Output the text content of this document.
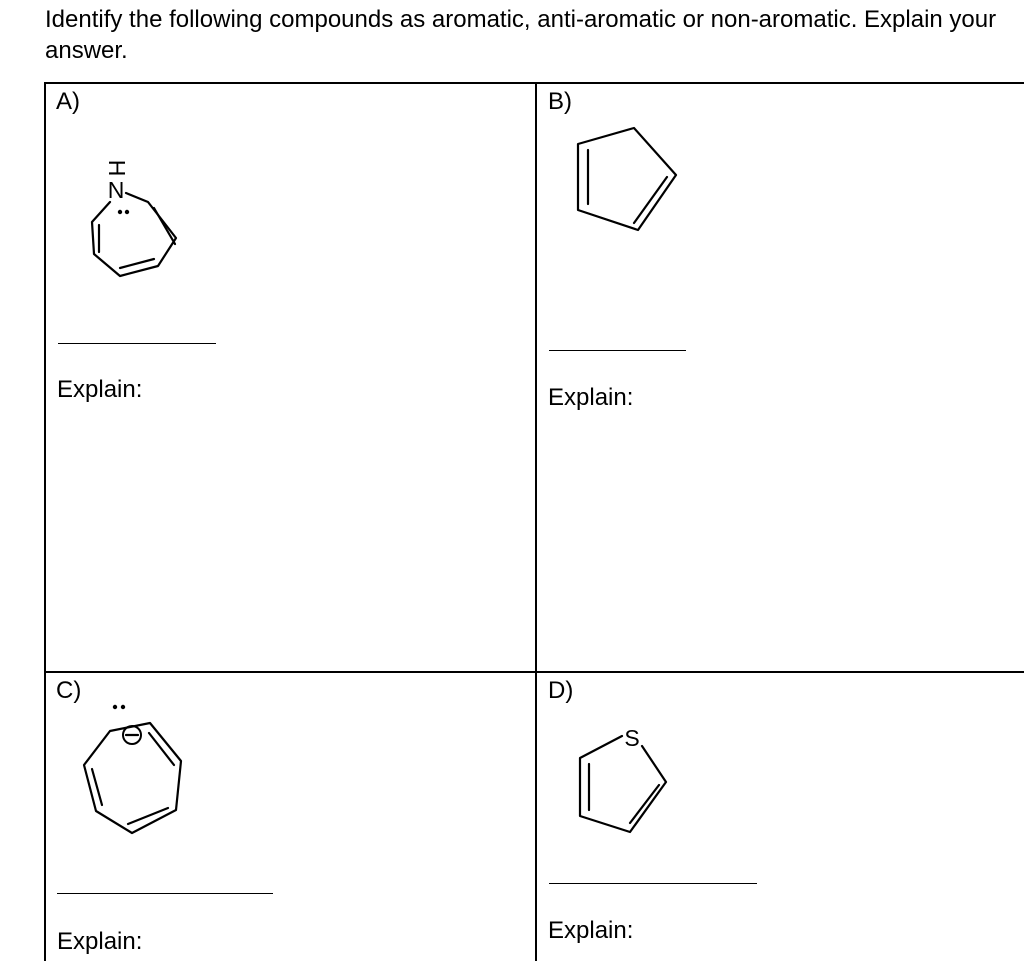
Identify the following compounds as aromatic, anti-aromatic or non-aromatic. Explain your answer.

A)
H
N
Explain:
B)
Explain:
C)
Explain:
D)
S
Explain:
